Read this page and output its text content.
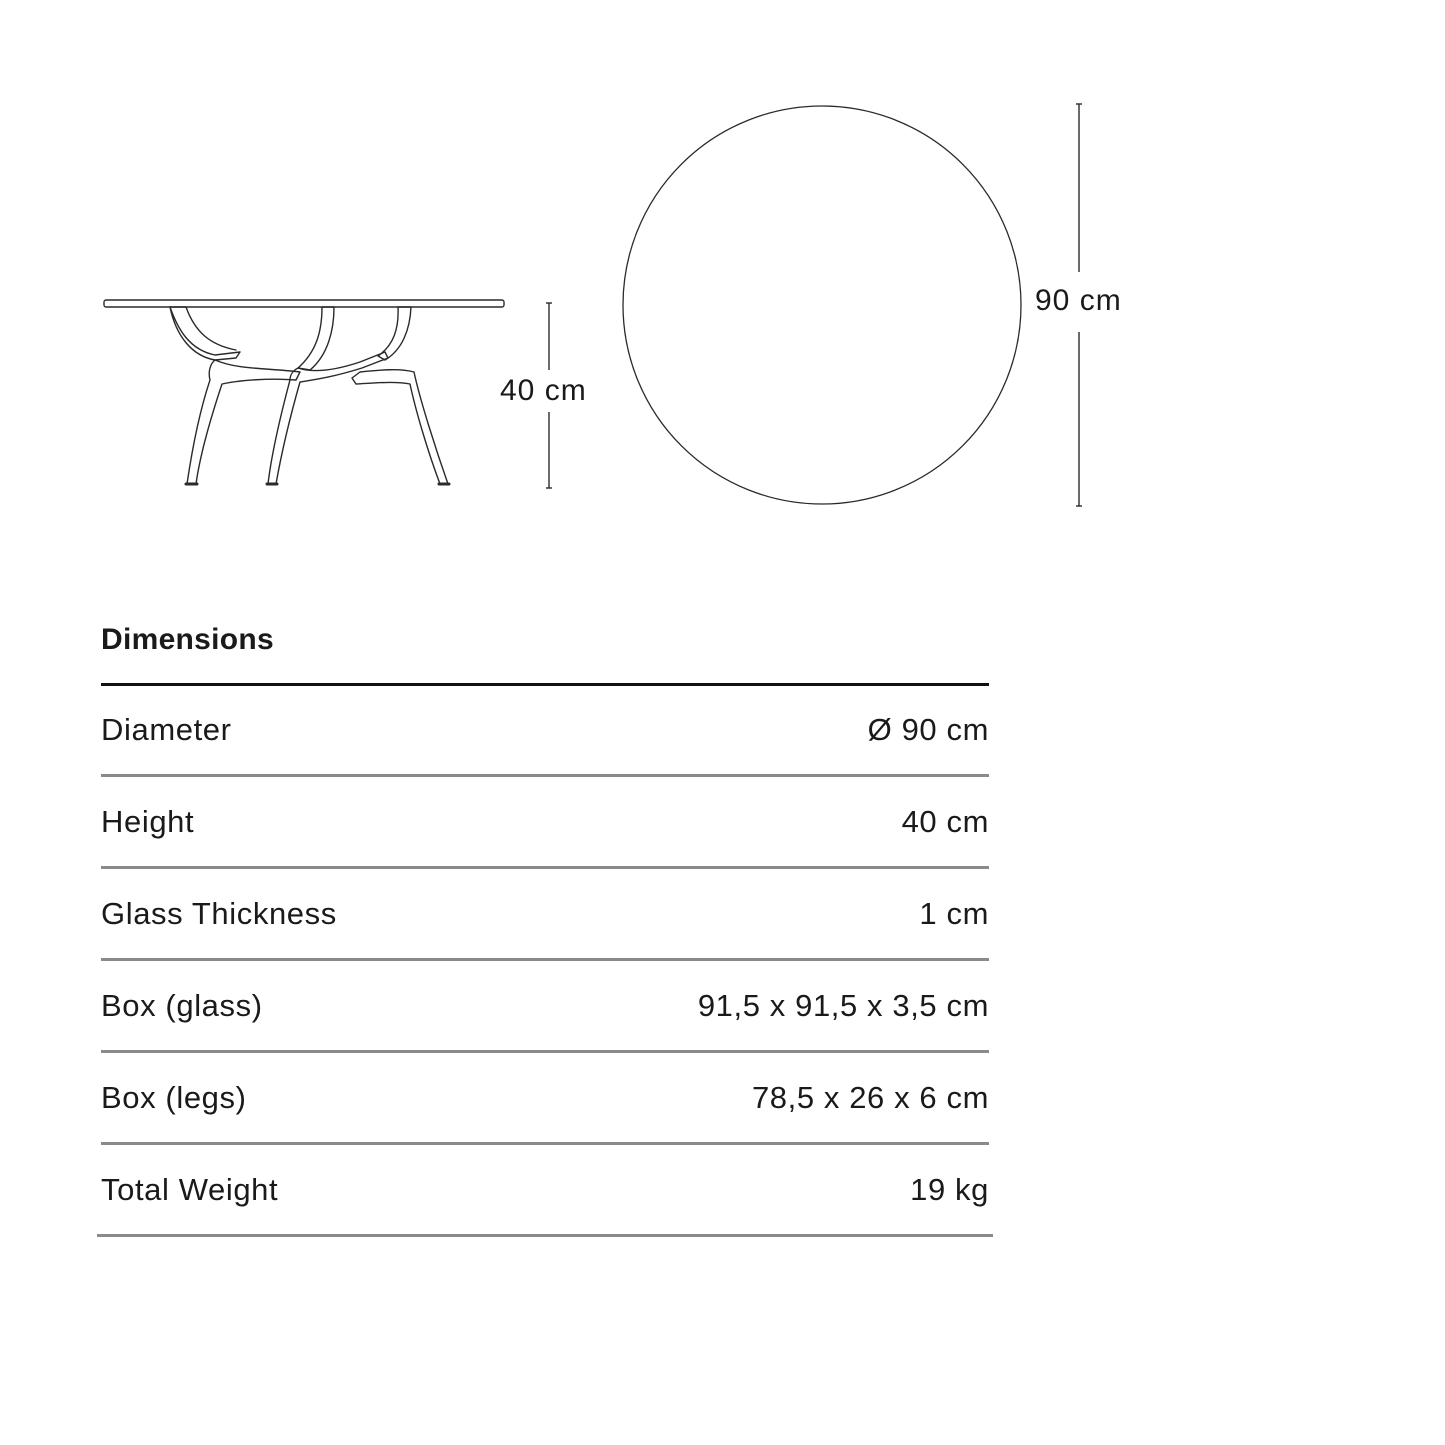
40 cm
90 cm
Dimensions
Diameter	Ø 90 cm
Height	40 cm
Glass Thickness	1 cm
Box (glass)	91,5 x 91,5 x 3,5 cm
Box (legs)	78,5 x 26 x 6 cm
Total Weight	19 kg
